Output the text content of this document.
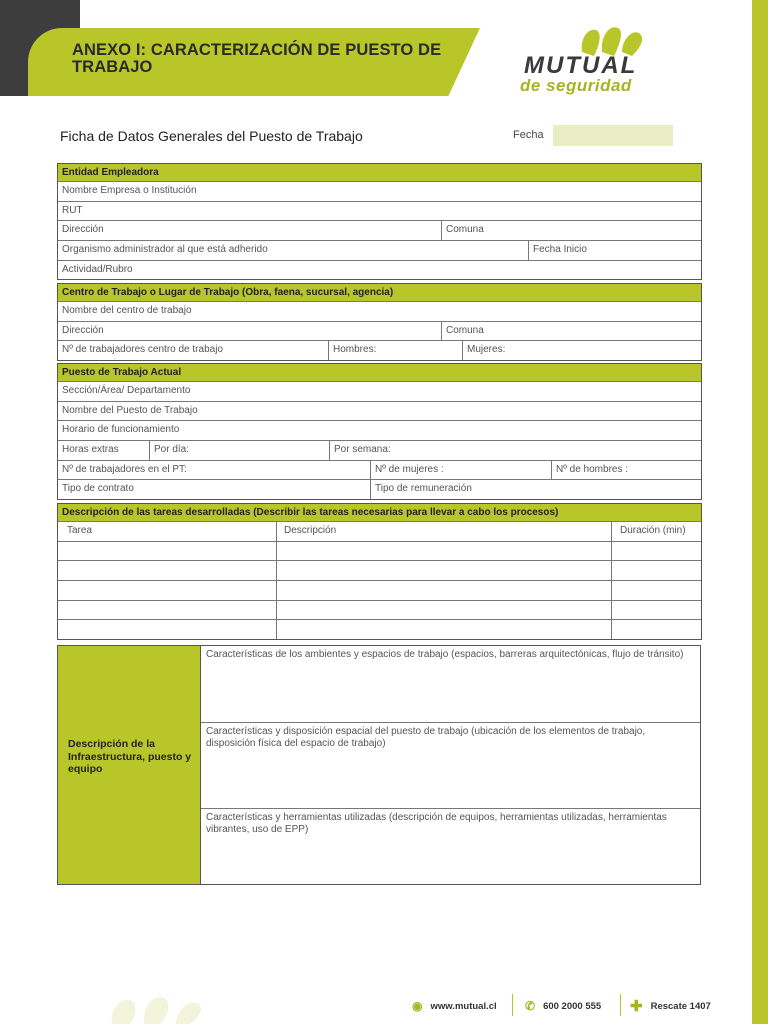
ANEXO I: CARACTERIZACIÓN DE PUESTO DE TRABAJO	MUTUAL
de seguridad
Ficha de Datos Generales del Puesto de Trabajo	Fecha
Entidad Empleadora
Nombre Empresa o Institución
RUT
Dirección	Comuna
Organismo administrador al que está adherido	Fecha Inicio
Actividad/Rubro
Centro de Trabajo o Lugar de Trabajo (Obra, faena, sucursal, agencia)
Nombre del centro de trabajo
Dirección	Comuna
Nº de trabajadores centro de trabajo	Hombres:	Mujeres:
Puesto de Trabajo Actual
Sección/Área/ Departamento
Nombre del Puesto de Trabajo
Horario de funcionamiento
Horas extras	Por día:	Por semana:
Nº de trabajadores en el PT:	Nº de mujeres :	Nº de hombres :
Tipo de contrato	Tipo de remuneración
Descripción de las tareas desarrolladas (Describir las tareas necesarias para llevar a cabo los procesos)
Tarea	Descripción	Duración (min)
Descripción de la Infraestructura, puesto y equipo
Características de los ambientes y espacios de trabajo (espacios, barreras arquitectónicas, flujo de tránsito)
Características y disposición espacial del puesto de trabajo (ubicación de los elementos de trabajo, disposición física del espacio de trabajo)
Características y herramientas utilizadas (descripción de equipos, herramientas utilizadas, herramientas vibrantes, uso de EPP)
◉ www.mutual.cl ✆ 600 2000 555 ✚ Rescate 1407
